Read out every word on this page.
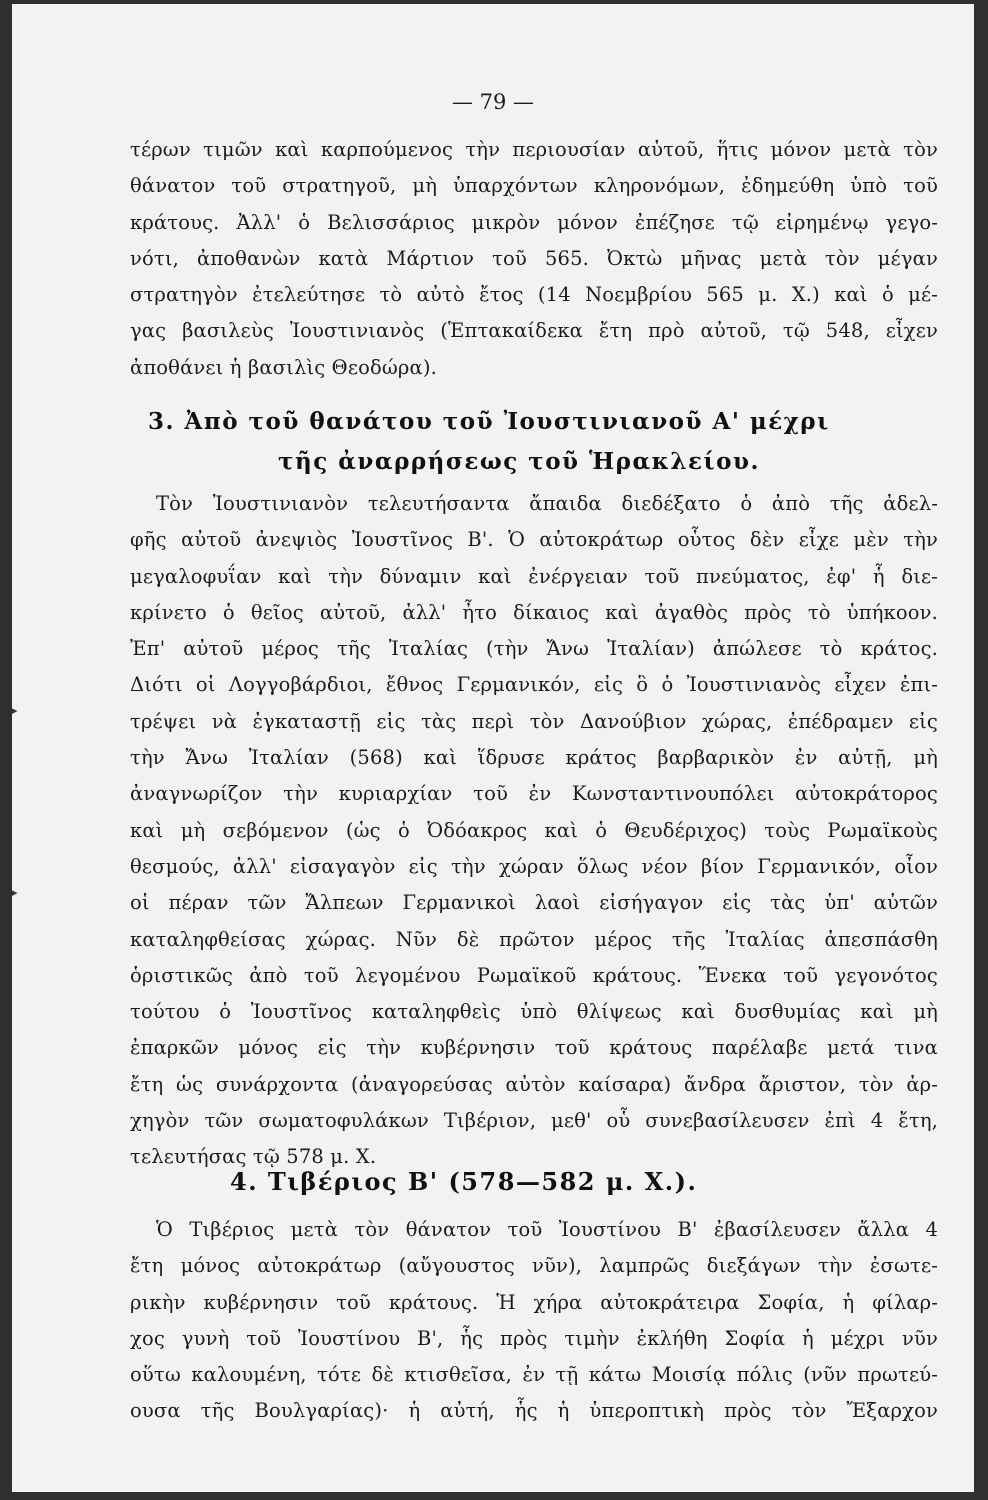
— 79 —

τέρων τιμῶν καὶ καρπούμενος τὴν περιουσίαν αὐτοῦ, ἥτις μόνον μετὰ τὸν

θάνατον τοῦ στρατηγοῦ, μὴ ὑπαρχόντων κληρονόμων, ἐδημεύθη ὑπὸ τοῦ

κράτους. Ἀλλ' ὁ Βελισσάριος μικρὸν μόνον ἐπέζησε τῷ εἰρημένῳ γεγο-

νότι, ἀποθανὼν κατὰ Μάρτιον τοῦ 565. Ὀκτὼ μῆνας μετὰ τὸν μέγαν

στρατηγὸν ἐτελεύτησε τὸ αὐτὸ ἔτος (14 Νοεμβρίου 565 μ. Χ.) καὶ ὁ μέ-

γας βασιλεὺς Ἰουστινιανὸς (Ἑπτακαίδεκα ἔτη πρὸ αὐτοῦ, τῷ 548, εἶχεν

ἀποθάνει ἡ βασιλὶς Θεοδώρα).

3. Ἀπὸ τοῦ θανάτου τοῦ Ἰουστινιανοῦ Α' μέχρι

τῆς ἀναρρήσεως τοῦ Ἡρακλείου.

Τὸν Ἰουστινιανὸν τελευτήσαντα ἄπαιδα διεδέξατο ὁ ἀπὸ τῆς ἀδελ-

φῆς αὐτοῦ ἀνεψιὸς Ἰουστῖνος Β'. Ὁ αὐτοκράτωρ οὗτος δὲν εἶχε μὲν τὴν

μεγαλοφυΐαν καὶ τὴν δύναμιν καὶ ἐνέργειαν τοῦ πνεύματος, ἐφ' ἧ διε-

κρίνετο ὁ θεῖος αὐτοῦ, ἀλλ' ἦτο δίκαιος καὶ ἀγαθὸς πρὸς τὸ ὑπήκοον.

Ἐπ' αὐτοῦ μέρος τῆς Ἰταλίας (τὴν Ἄνω Ἰταλίαν) ἀπώλεσε τὸ κράτος.

Διότι οἱ Λογγοβάρδιοι, ἔθνος Γερμανικόν, εἰς ὃ ὁ Ἰουστινιανὸς εἶχεν ἐπι-

τρέψει νὰ ἐγκαταστῇ εἰς τὰς περὶ τὸν Δανούβιον χώρας, ἐπέδραμεν εἰς

τὴν Ἄνω Ἰταλίαν (568) καὶ ἵδρυσε κράτος βαρβαρικὸν ἐν αὐτῇ, μὴ

ἀναγνωρίζον τὴν κυριαρχίαν τοῦ ἐν Κωνσταντινουπόλει αὐτοκράτορος

καὶ μὴ σεβόμενον (ὡς ὁ Ὀδόακρος καὶ ὁ Θευδέριχος) τοὺς Ρωμαϊκοὺς

θεσμούς, ἀλλ' εἰσαγαγὸν εἰς τὴν χώραν ὅλως νέον βίον Γερμανικόν, οἷον

οἱ πέραν τῶν Ἄλπεων Γερμανικοὶ λαοὶ εἰσήγαγον εἰς τὰς ὑπ' αὐτῶν

καταληφθείσας χώρας. Νῦν δὲ πρῶτον μέρος τῆς Ἰταλίας ἀπεσπάσθη

ὁριστικῶς ἀπὸ τοῦ λεγομένου Ρωμαϊκοῦ κράτους. Ἕνεκα τοῦ γεγονότος

τούτου ὁ Ἰουστῖνος καταληφθεὶς ὑπὸ θλίψεως καὶ δυσθυμίας καὶ μὴ

ἐπαρκῶν μόνος εἰς τὴν κυβέρνησιν τοῦ κράτους παρέλαβε μετά τινα

ἔτη ὡς συνάρχοντα (ἀναγορεύσας αὐτὸν καίσαρα) ἄνδρα ἄριστον, τὸν ἀρ-

χηγὸν τῶν σωματοφυλάκων Τιβέριον, μεθ' οὗ συνεβασίλευσεν ἐπὶ 4 ἔτη,

τελευτήσας τῷ 578 μ. Χ.

4. Τιβέριος Β' (578—582 μ. Χ.).

Ὁ Τιβέριος μετὰ τὸν θάνατον τοῦ Ἰουστίνου Β' ἐβασίλευσεν ἄλλα 4

ἔτη μόνος αὐτοκράτωρ (αὔγουστος νῦν), λαμπρῶς διεξάγων τὴν ἐσωτε-

ρικὴν κυβέρνησιν τοῦ κράτους. Ἡ χήρα αὐτοκράτειρα Σοφία, ἡ φίλαρ-

χος γυνὴ τοῦ Ἰουστίνου Β', ἧς πρὸς τιμὴν ἐκλήθη Σοφία ἡ μέχρι νῦν

οὕτω καλουμένη, τότε δὲ κτισθεῖσα, ἐν τῇ κάτω Μοισίᾳ πόλις (νῦν πρωτεύ-

ουσα τῆς Βουλγαρίας)· ἡ αὐτή, ἧς ἡ ὑπεροπτικὴ πρὸς τὸν Ἔξαρχον

▸
▸
